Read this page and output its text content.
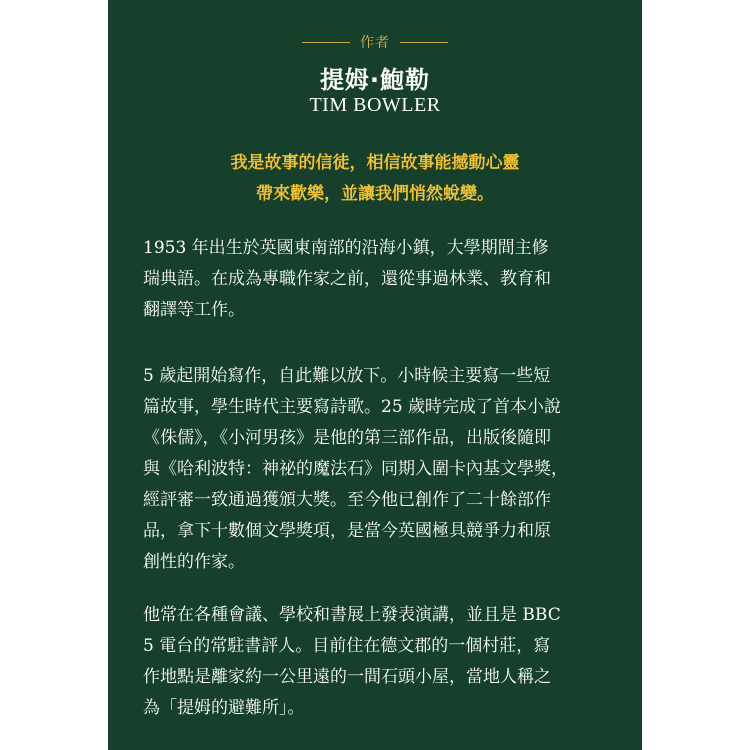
作者
提姆·鮑勒
TIM BOWLER
我是故事的信徒，相信故事能撼動心靈
帶來歡樂，並讓我們悄然蛻變。
1953 年出生於英國東南部的沿海小鎮，大學期間主修
瑞典語。在成為專職作家之前，還從事過林業、教育和
翻譯等工作。
5 歲起開始寫作，自此難以放下。小時候主要寫一些短
篇故事，學生時代主要寫詩歌。25 歲時完成了首本小說
《侏儒》，《小河男孩》是他的第三部作品，出版後隨即
與《哈利波特：神祕的魔法石》同期入圍卡內基文學獎，
經評審一致通過獲頒大獎。至今他已創作了二十餘部作
品，拿下十數個文學獎項，是當今英國極具競爭力和原
創性的作家。
他常在各種會議、學校和書展上發表演講，並且是 BBC
5 電台的常駐書評人。目前住在德文郡的一個村莊，寫
作地點是離家約一公里遠的一間石頭小屋，當地人稱之
為「提姆的避難所」。
